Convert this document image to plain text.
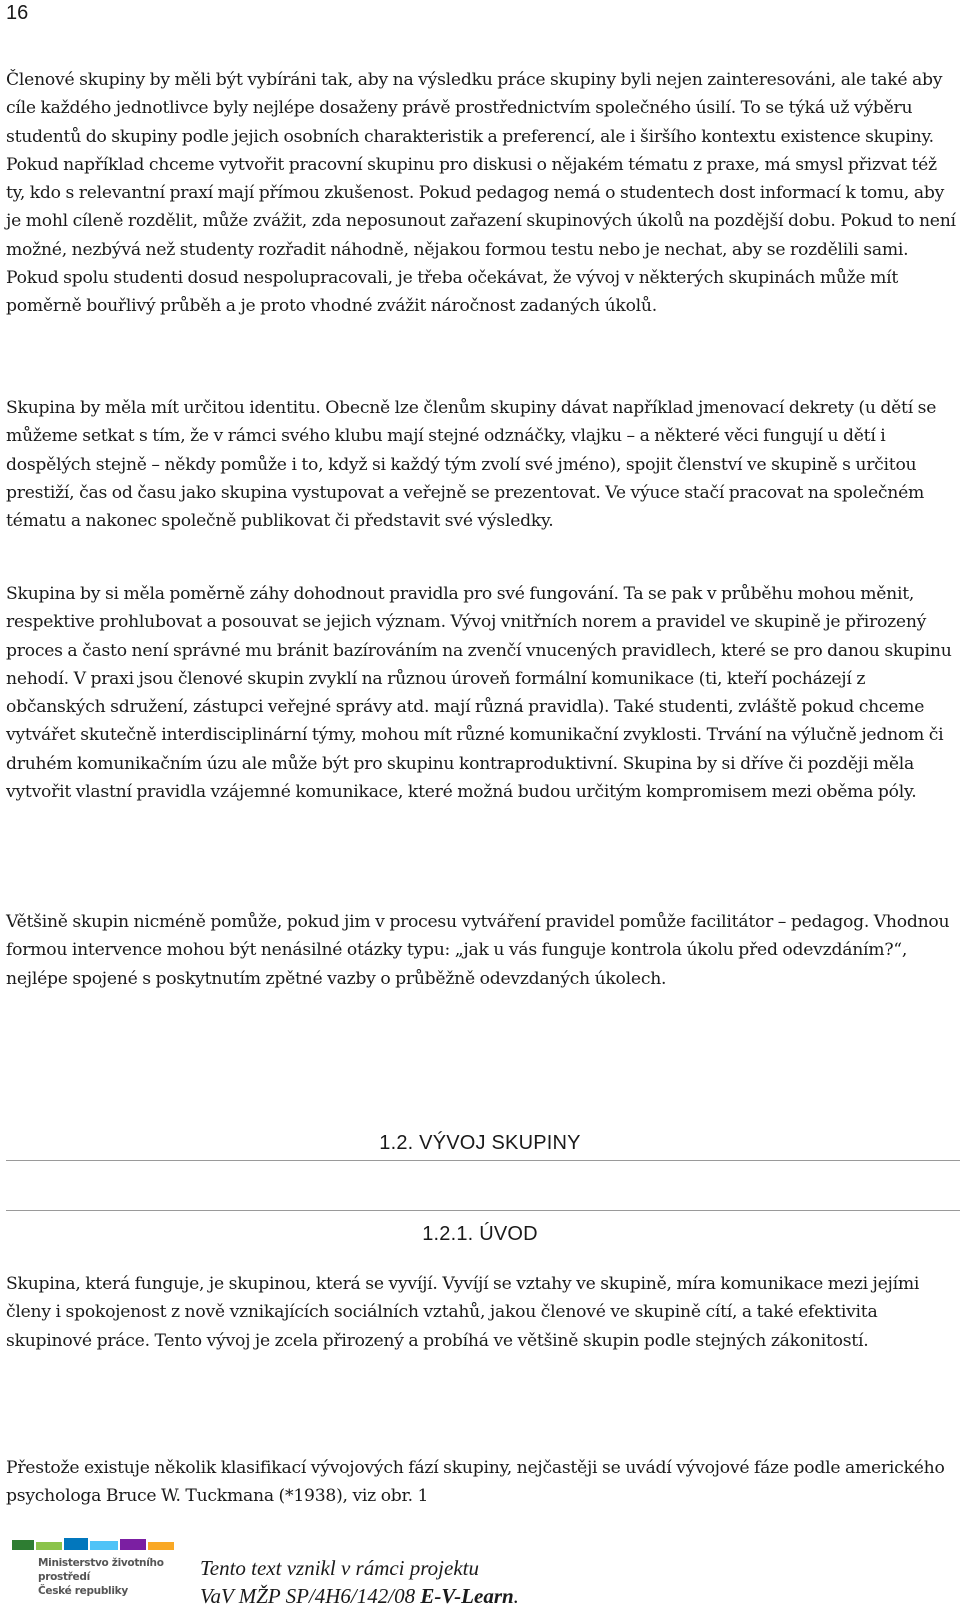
16

Členové skupiny by měli být vybíráni tak, aby na výsledku práce skupiny byli nejen zainteresováni, ale také aby cíle každého jednotlivce byly nejlépe dosaženy právě prostřednictvím společného úsilí. To se týká už výběru studentů do skupiny podle jejich osobních charakteristik a preferencí, ale i širšího kontextu existence skupiny. Pokud například chceme vytvořit pracovní skupinu pro diskusi o nějakém tématu z praxe, má smysl přizvat též ty, kdo s relevantní praxí mají přímou zkušenost. Pokud pedagog nemá o studentech dost informací k tomu, aby je mohl cíleně rozdělit, může zvážit, zda neposunout zařazení skupinových úkolů na pozdější dobu. Pokud to není možné, nezbývá než studenty rozřadit náhodně, nějakou formou testu nebo je nechat, aby se rozdělili sami. Pokud spolu studenti dosud nespolupracovali, je třeba očekávat, že vývoj v některých skupinách může mít poměrně bouřlivý průběh a je proto vhodné zvážit náročnost zadaných úkolů.

Skupina by měla mít určitou identitu. Obecně lze členům skupiny dávat například jmenovací dekrety (u dětí se můžeme setkat s tím, že v rámci svého klubu mají stejné odznáčky, vlajku – a některé věci fungují u dětí i dospělých stejně – někdy pomůže i to, když si každý tým zvolí své jméno), spojit členství ve skupině s určitou prestiží, čas od času jako skupina vystupovat a veřejně se prezentovat. Ve výuce stačí pracovat na společném tématu a nakonec společně publikovat či představit své výsledky.

Skupina by si měla poměrně záhy dohodnout pravidla pro své fungování. Ta se pak v průběhu mohou měnit, respektive prohlubovat a posouvat se jejich význam. Vývoj vnitřních norem a pravidel ve skupině je přirozený proces a často není správné mu bránit bazírováním na zvenčí vnucených pravidlech, které se pro danou skupinu nehodí. V praxi jsou členové skupin zvyklí na různou úroveň formální komunikace (ti, kteří pocházejí z občanských sdružení, zástupci veřejné správy atd. mají různá pravidla). Také studenti, zvláště pokud chceme vytvářet skutečně interdisciplinární týmy, mohou mít různé komunikační zvyklosti. Trvání na výlučně jednom či druhém komunikačním úzu ale může být pro skupinu kontraproduktivní. Skupina by si dříve či později měla vytvořit vlastní pravidla vzájemné komunikace, které možná budou určitým kompromisem mezi oběma póly.

Většině skupin nicméně pomůže, pokud jim v procesu vytváření pravidel pomůže facilitátor – pedagog. Vhodnou formou intervence mohou být nenásilné otázky typu: „jak u vás funguje kontrola úkolu před odevzdáním?“, nejlépe spojené s poskytnutím zpětné vazby o průběžně odevzdaných úkolech.

1.2. VÝVOJ SKUPINY
1.2.1. ÚVOD

Skupina, která funguje, je skupinou, která se vyvíjí. Vyvíjí se vztahy ve skupině, míra komunikace mezi jejími členy i spokojenost z nově vznikajících sociálních vztahů, jakou členové ve skupině cítí, a také efektivita skupinové práce. Tento vývoj je zcela přirozený a probíhá ve většině skupin podle stejných zákonitostí.

Přestože existuje několik klasifikací vývojových fází skupiny, nejčastěji se uvádí vývojové fáze podle amerického psychologa Bruce W. Tuckmana (*1938), viz obr. 1

Ministerstvo životního prostředí
České republiky
Tento text vznikl v rámci projektu
VaV MŽP SP/4H6/142/08 E-V-Learn.
